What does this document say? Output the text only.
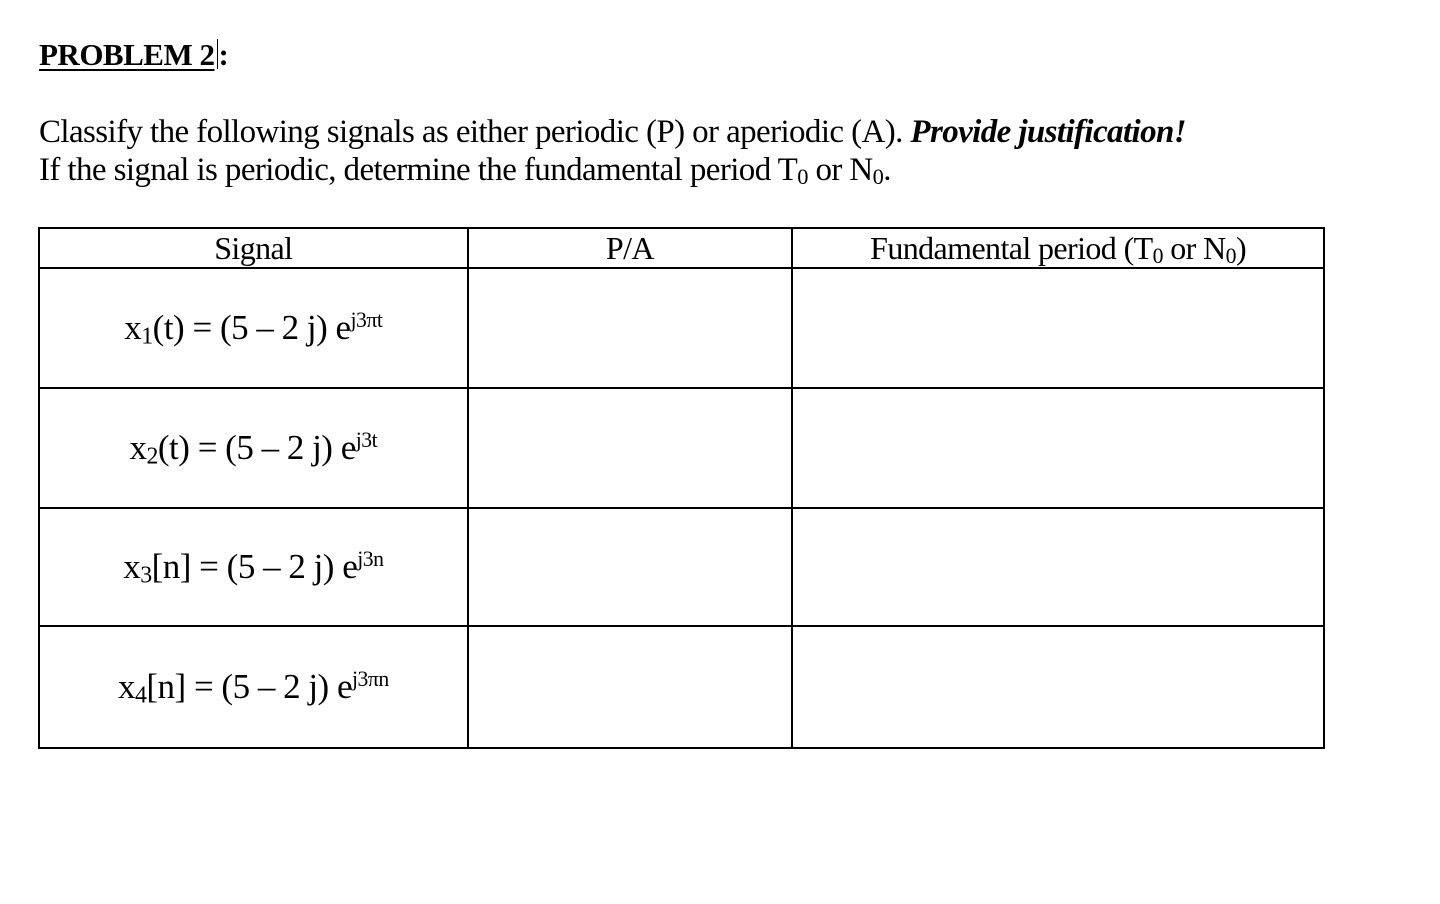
PROBLEM 2 :
Classify the following signals as either periodic (P) or aperiodic (A). Provide justification!
If the signal is periodic, determine the fundamental period $T_0$ or $N_0$.
Signal	P/A	Fundamental period ($T_0$ or $N_0$)
$x_1(t) = (5 - 2$ j) $e^{j3\pi t}$		
$x_2(t) = (5 - 2$ j) $e^{j3t}$		
$x_3[n] = (5 - 2$ j) $e^{j3n}$		
$x_4[n] = (5 - 2$ j) $e^{j3\pi n}$		
